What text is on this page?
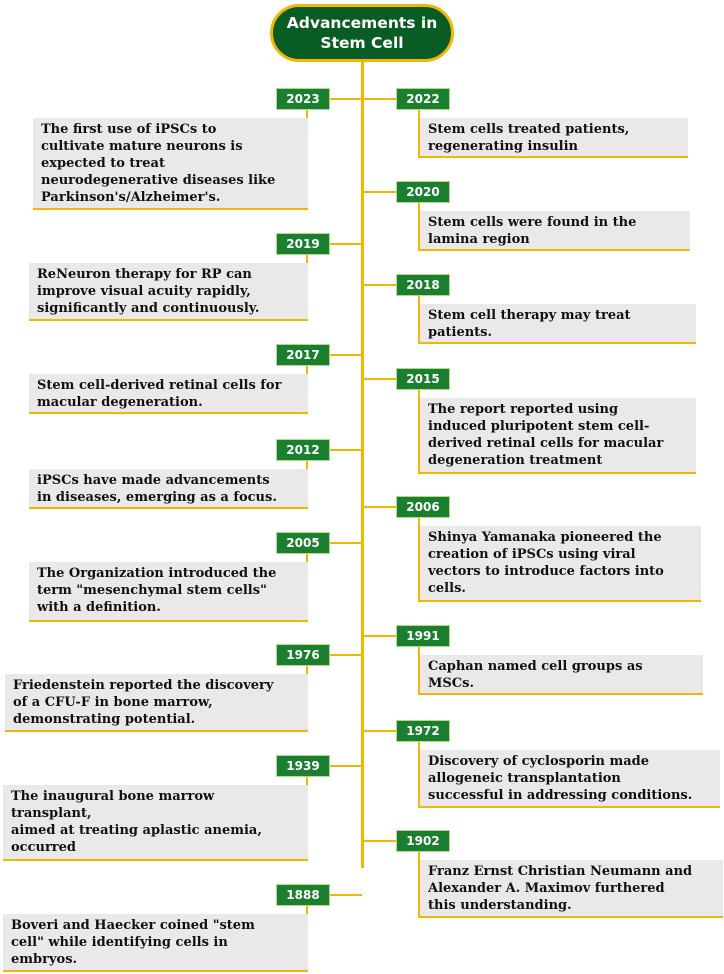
Advancements in
Stem Cell
2023
The first use of iPSCs to
cultivate mature neurons is
expected to treat
neurodegenerative diseases like
Parkinson's/Alzheimer's.
2019
ReNeuron therapy for RP can
improve visual acuity rapidly,
significantly and continuously.
2017
Stem cell-derived retinal cells for
macular degeneration.
2012
iPSCs have made advancements
in diseases, emerging as a focus.
2005
The Organization introduced the
term "mesenchymal stem cells"
with a definition.
1976
Friedenstein reported the discovery
of a CFU-F in bone marrow,
demonstrating potential.
1939
The inaugural bone marrow
transplant,
aimed at treating aplastic anemia,
occurred
1888
Boveri and Haecker coined "stem
cell" while identifying cells in
embryos.
2022
Stem cells treated patients,
regenerating insulin
2020
Stem cells were found in the
lamina region
2018
Stem cell therapy may treat
patients.
2015
The report reported using
induced pluripotent stem cell-
derived retinal cells for macular
degeneration treatment
2006
Shinya Yamanaka pioneered the
creation of iPSCs using viral
vectors to introduce factors into
cells.
1991
Caphan named cell groups as
MSCs.
1972
Discovery of cyclosporin made
allogeneic transplantation
successful in addressing conditions.
1902
Franz Ernst Christian Neumann and
Alexander A. Maximov furthered
this understanding.
